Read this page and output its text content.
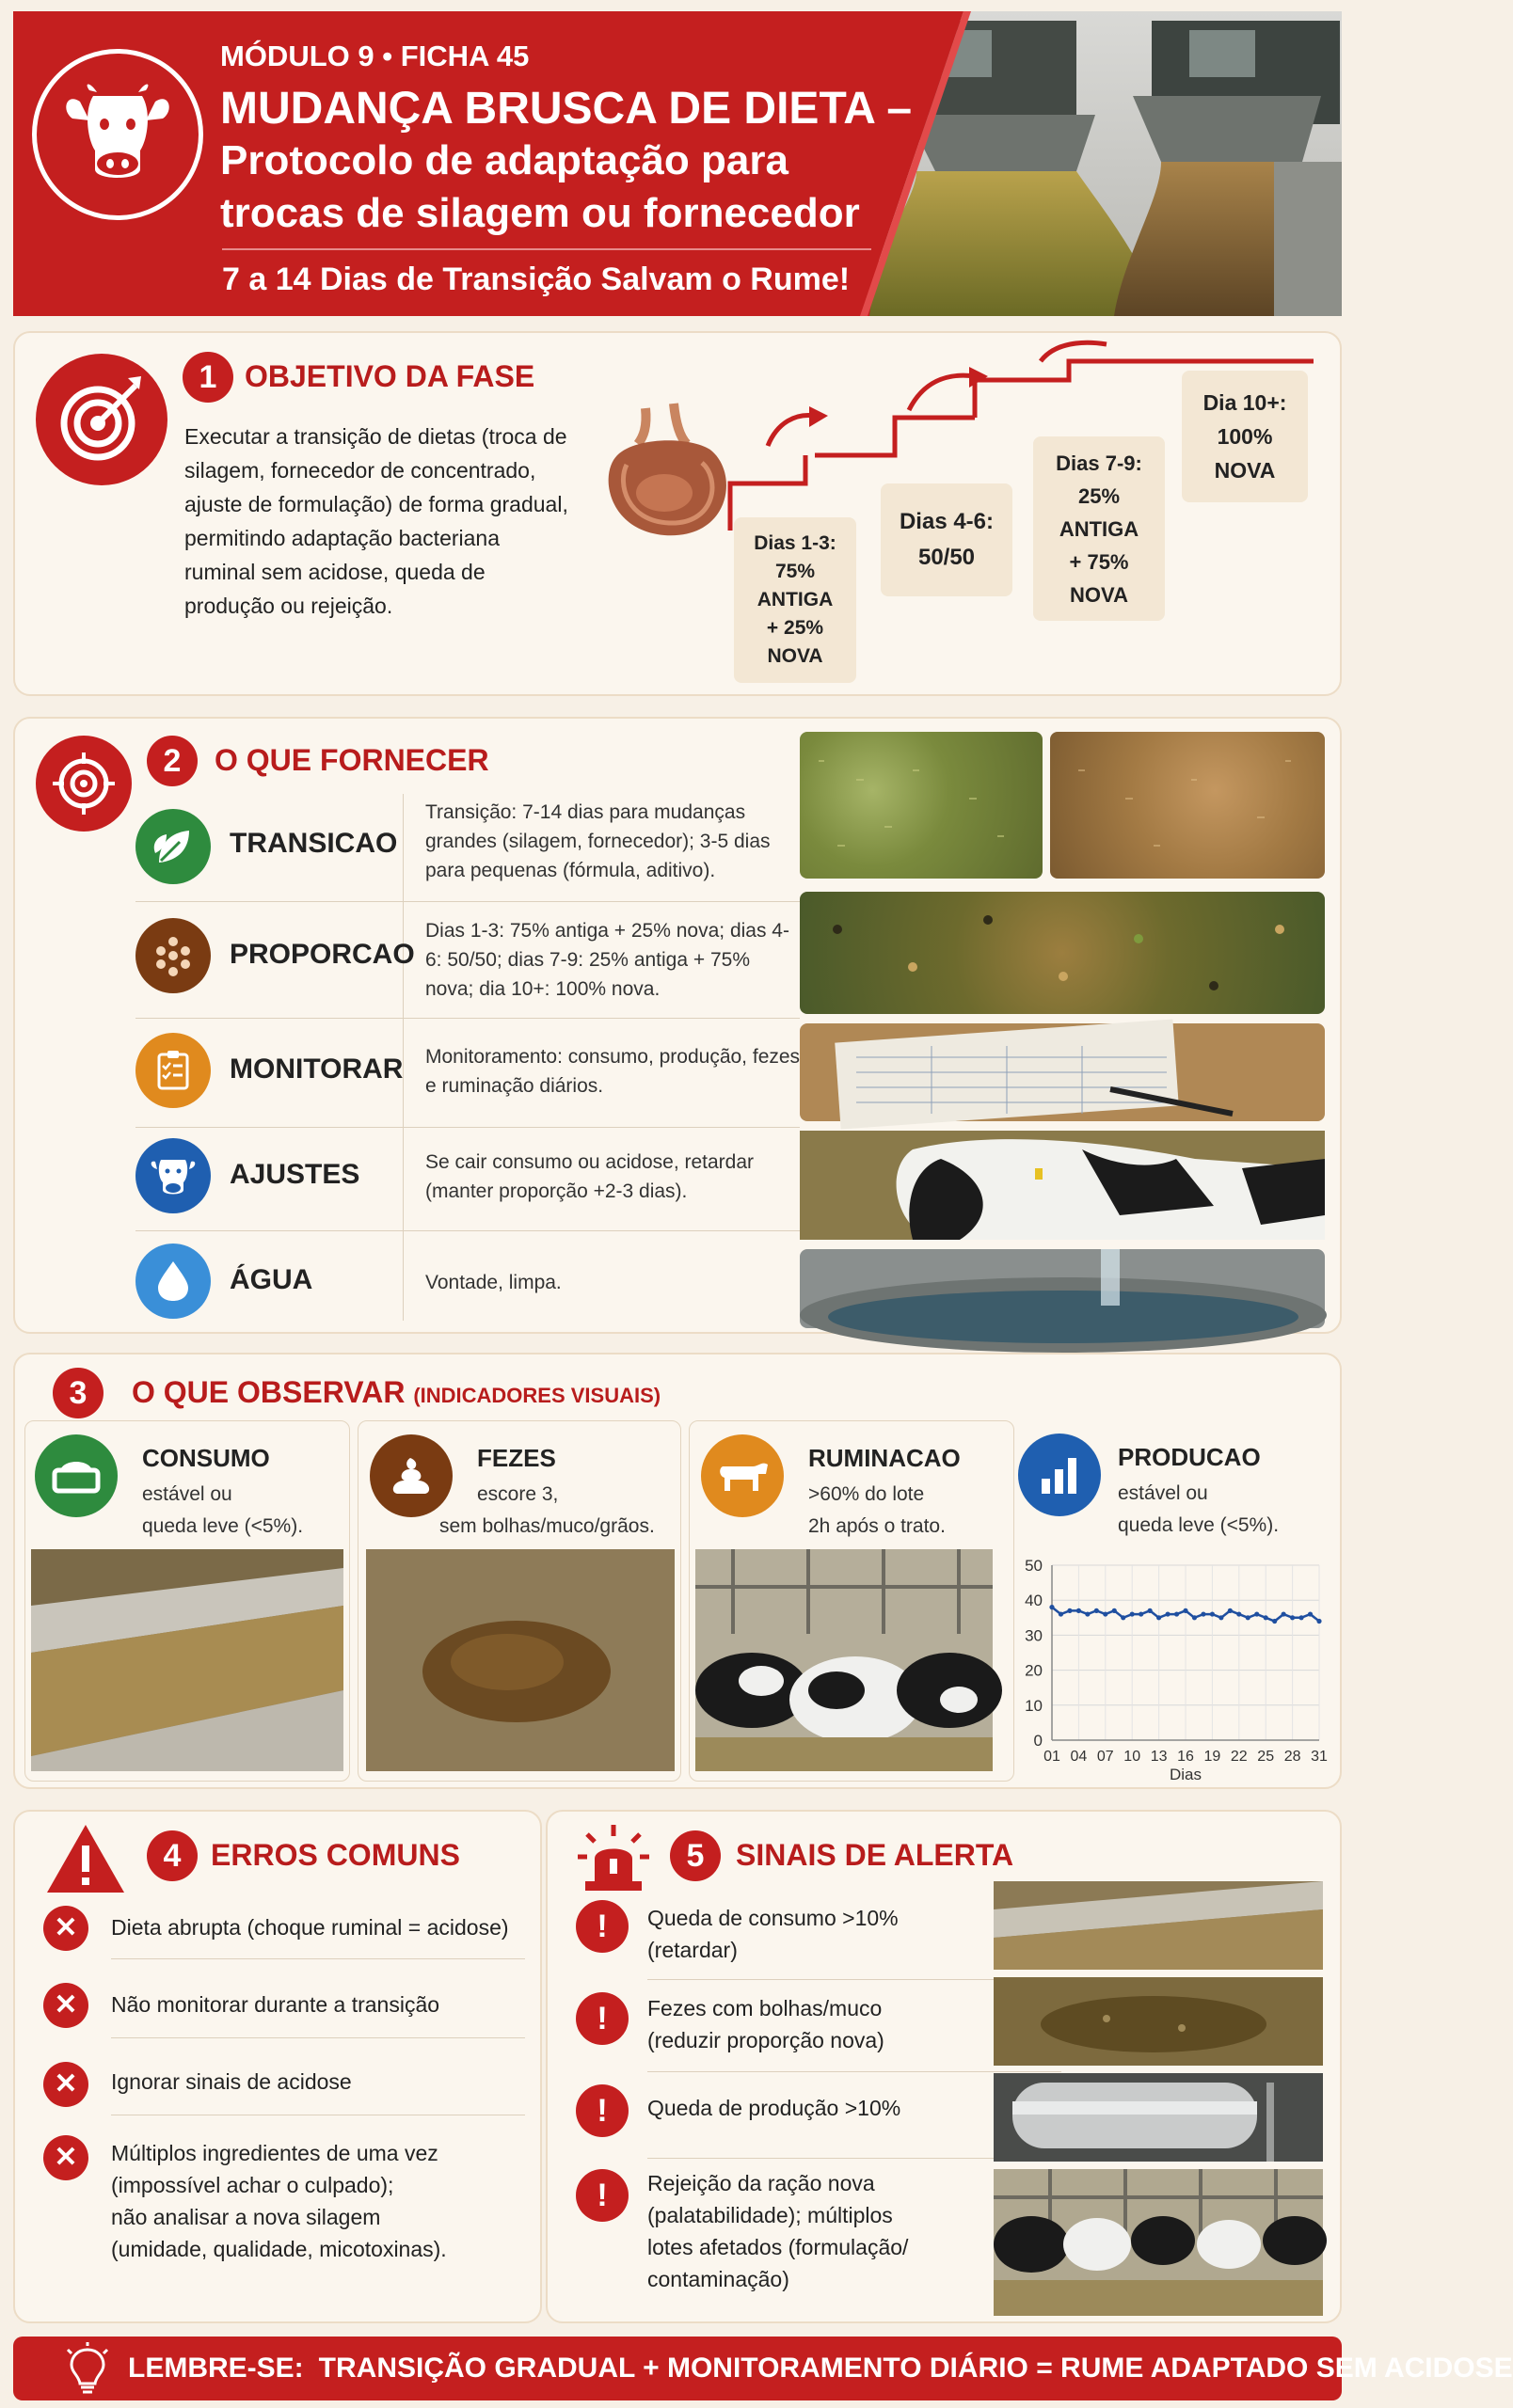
MÓDULO 9 • FICHA 45
MUDANÇA BRUSCA DE DIETA –
Protocolo de adaptação para
trocas de silagem ou fornecedor
7 a 14 Dias de Transição Salvam o Rume!
1 OBJETIVO DA FASE
Executar a transição de dietas (troca de silagem, fornecedor de concentrado, ajuste de formulação) de forma gradual, permitindo adaptação bacteriana ruminal sem acidose, queda de produção ou rejeição.
Dias 1-3:
75%
ANTIGA
+ 25%
NOVA
Dias 4-6:
50/50
Dias 7-9:
25%
ANTIGA
+ 75%
NOVA
Dia 10+:
100%
NOVA
2	O QUE FORNECER
TRANSICAO
Transição: 7-14 dias para mudanças grandes (silagem, fornecedor); 3-5 dias para pequenas (fórmula, aditivo).
PROPORCAO
Dias 1-3: 75% antiga + 25% nova; dias 4-6: 50/50; dias 7-9: 25% antiga + 75% nova; dia 10+: 100% nova.
MONITORAR Monitoramento: consumo, produção, fezes e ruminação diários.
AJUSTES	Se cair consumo ou acidose, retardar (manter proporção +2-3 dias).
ÁGUA	Vontade, limpa.
3	O QUE OBSERVAR (INDICADORES VISUAIS)
CONSUMO
estável ou
queda leve (<5%).
FEZES
escore 3,
sem bolhas/muco/grãos.
RUMINACAO
>60% do lote
2h após o trato.
PRODUCAO
estável ou
queda leve (<5%).
0
10
20
30
40
50
01 04 07 10 13 16 19 22 25 28 31
Dias
4 ERROS COMUNS
✕	Dieta abrupta (choque ruminal = acidose)
✕	Não monitorar durante a transição
✕	Ignorar sinais de acidose
✕	Múltiplos ingredientes de uma vez
(impossível achar o culpado);
não analisar a nova silagem
(umidade, qualidade, micotoxinas).
5	SINAIS DE ALERTA
!	Queda de consumo >10%
(retardar)
!	Fezes com bolhas/muco
(reduzir proporção nova)
!	Queda de produção >10%
!	Rejeição da ração nova
(palatabilidade); múltiplos
lotes afetados (formulação/
contaminação)
LEMBRE-SE: TRANSIÇÃO GRADUAL + MONITORAMENTO DIÁRIO = RUME ADAPTADO SEM ACIDOSE
